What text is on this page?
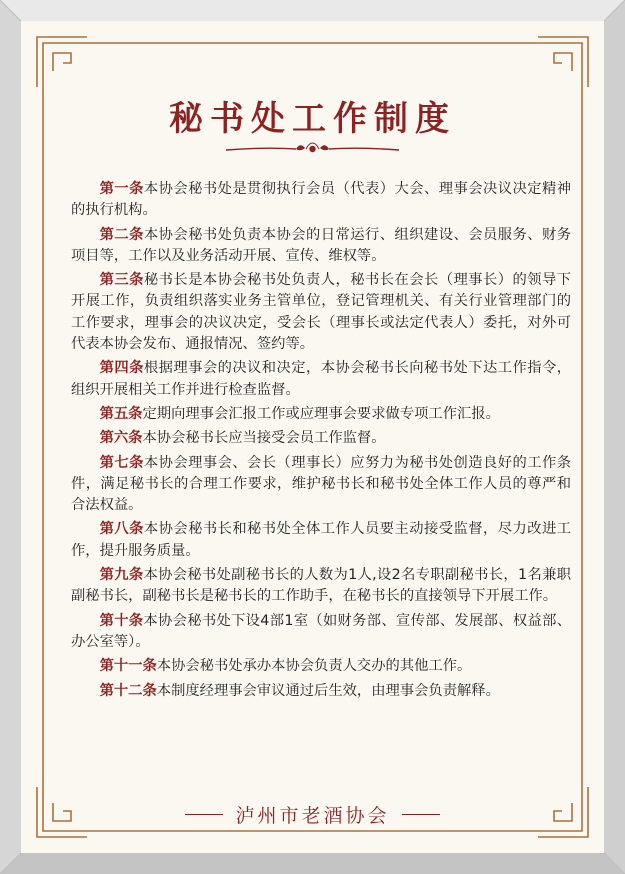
秘书处工作制度

第一条本协会秘书处是贯彻执行会员（代表）大会、理事会决议决定精神的执行机构。

第二条本协会秘书处负责本协会的日常运行、组织建设、会员服务、财务项目等，工作以及业务活动开展、宣传、维权等。

第三条秘书长是本协会秘书处负责人，秘书长在会长（理事长）的领导下开展工作，负责组织落实业务主管单位，登记管理机关、有关行业管理部门的工作要求，理事会的决议决定，受会长（理事长或法定代表人）委托，对外可代表本协会发布、通报情况、签约等。

第四条根据理事会的决议和决定，本协会秘书长向秘书处下达工作指令，组织开展相关工作并进行检查监督。

第五条定期向理事会汇报工作或应理事会要求做专项工作汇报。

第六条本协会秘书长应当接受会员工作监督。

第七条本协会理事会、会长（理事长）应努力为秘书处创造良好的工作条件，满足秘书长的合理工作要求，维护秘书长和秘书处全体工作人员的尊严和合法权益。

第八条本协会秘书长和秘书处全体工作人员要主动接受监督，尽力改进工作，提升服务质量。

第九条本协会秘书处副秘书长的人数为1人,设2名专职副秘书长，1名兼职副秘书长，副秘书长是秘书长的工作助手，在秘书长的直接领导下开展工作。

第十条本协会秘书处下设4部1室（如财务部、宣传部、发展部、权益部、办公室等）。

第十一条本协会秘书处承办本协会负责人交办的其他工作。

第十二条本制度经理事会审议通过后生效，由理事会负责解释。

泸州市老酒协会
